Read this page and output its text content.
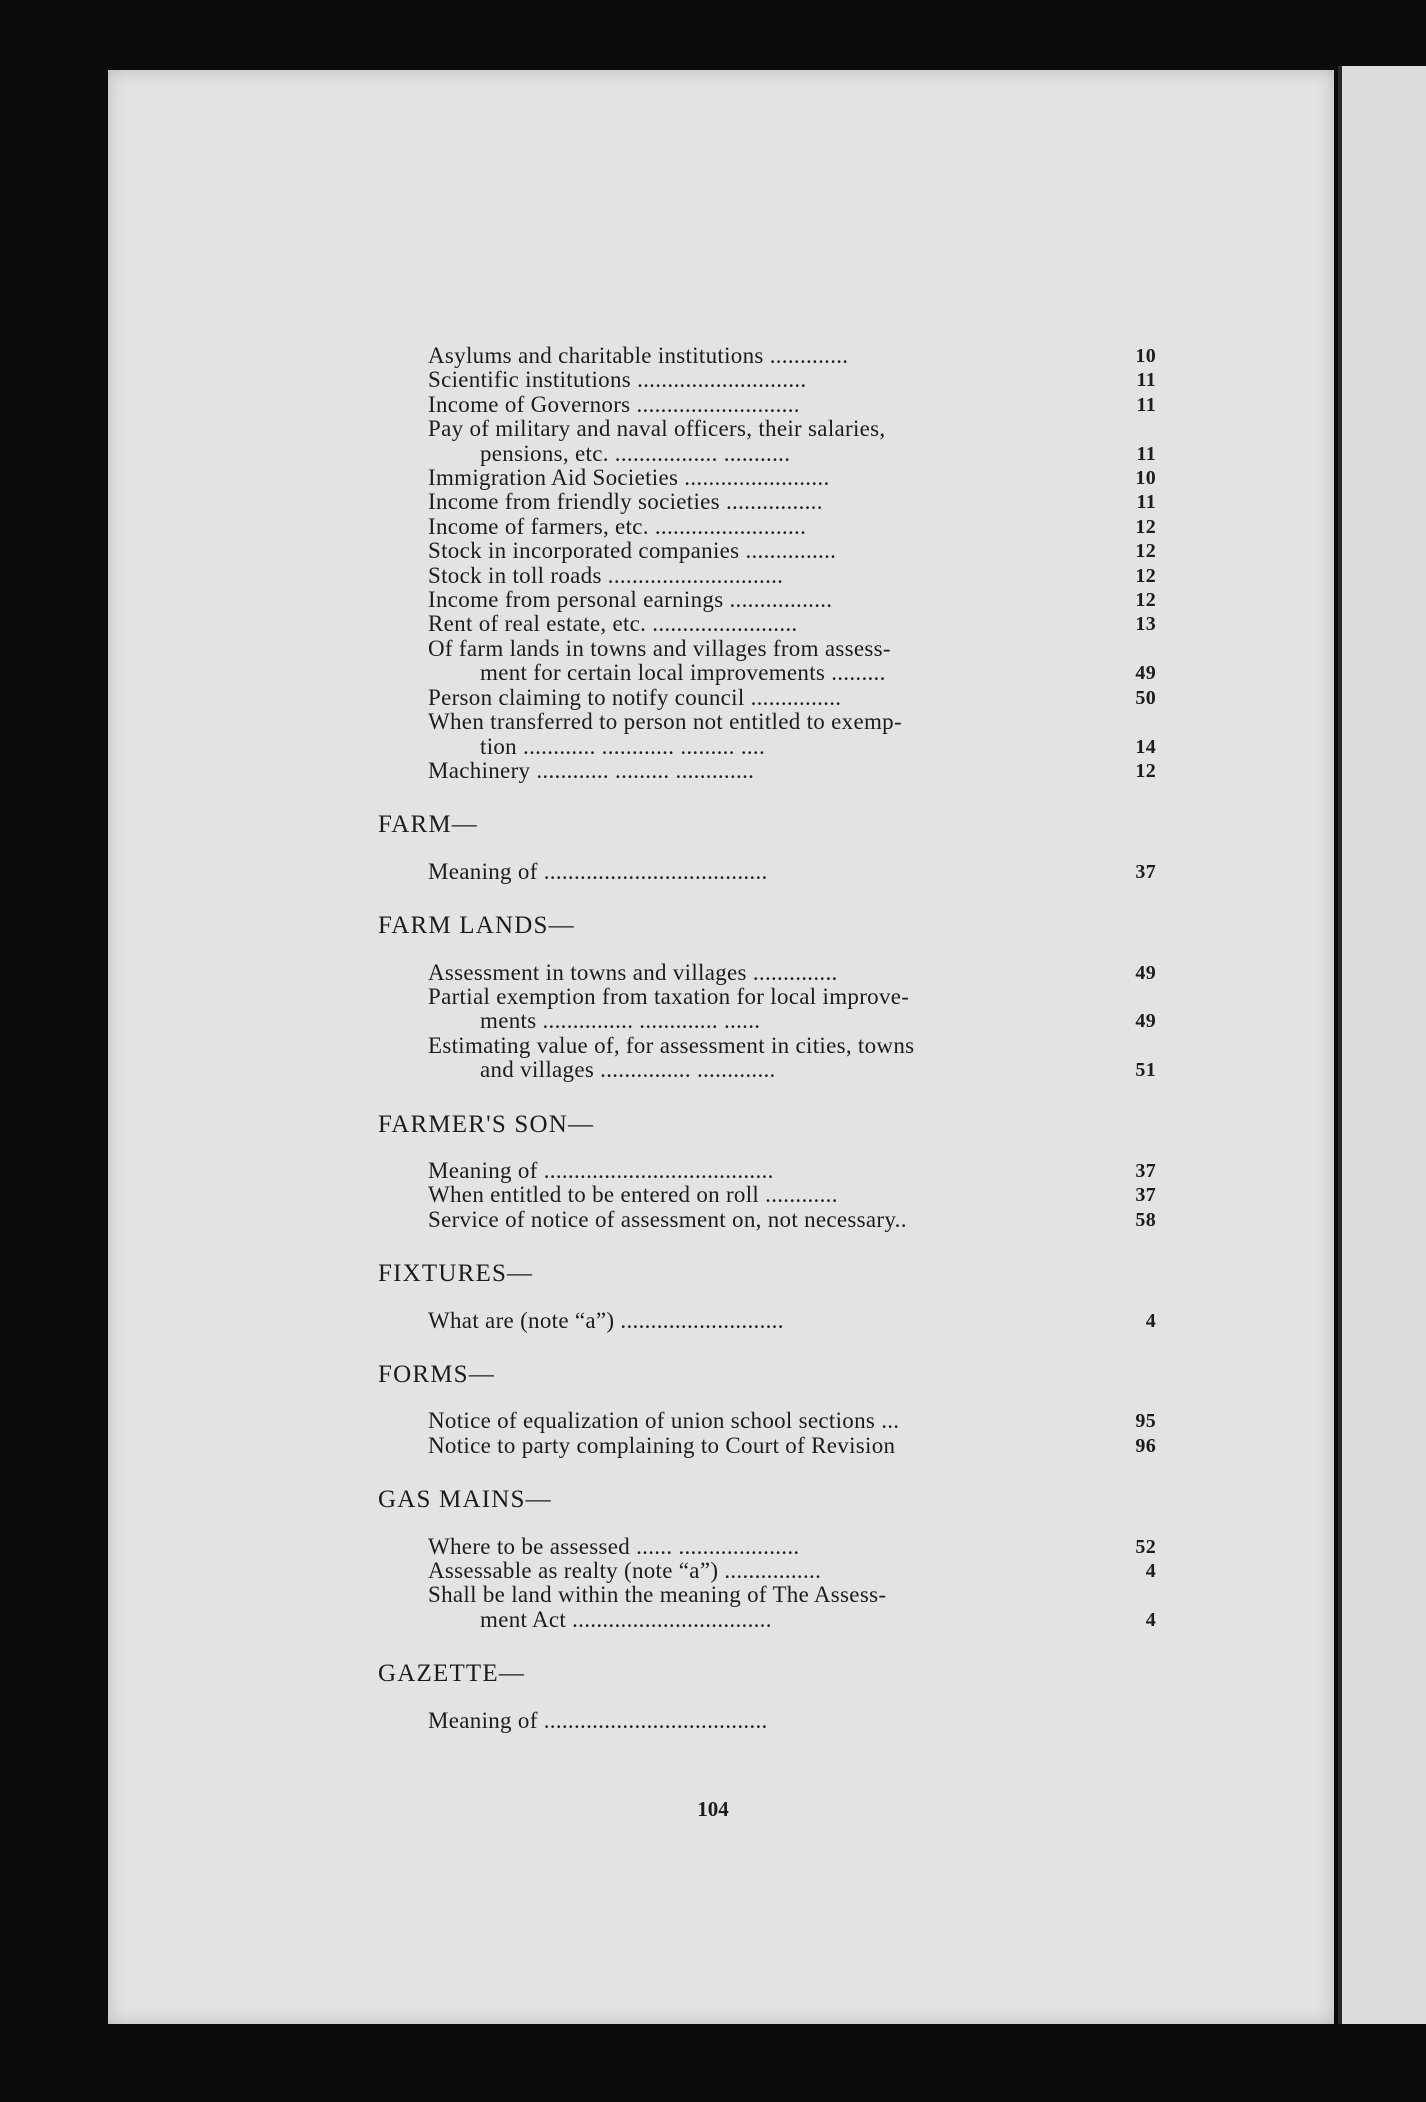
Asylums and charitable institutions .............	10
Scientific institutions ............................	11
Income of Governors ...........................	11
Pay of military and naval officers, their salaries,
pensions, etc. ................. ...........	11
Immigration Aid Societies ........................	10
Income from friendly societies ................	11
Income of farmers, etc. .........................	12
Stock in incorporated companies ...............	12
Stock in toll roads .............................	12
Income from personal earnings .................	12
Rent of real estate, etc. ........................	13
Of farm lands in towns and villages from assess-
ment for certain local improvements .........	49
Person claiming to notify council ...............	50
When transferred to person not entitled to exemp-
tion ............ ............ ......... ....	14
Machinery ............ ......... .............	12
FARM—
Meaning of .....................................	37
FARM LANDS—
Assessment in towns and villages ..............	49
Partial exemption from taxation for local improve-
ments ............... ............. ......	49
Estimating value of, for assessment in cities, towns
and villages ............... .............	51
FARMER'S SON—
Meaning of ......................................	37
When entitled to be entered on roll ............	37
Service of notice of assessment on, not necessary..	58
FIXTURES—
What are (note “a”) ...........................	4
FORMS—
Notice of equalization of union school sections ...	95
Notice to party complaining to Court of Revision	96
GAS MAINS—
Where to be assessed ...... ....................	52
Assessable as realty (note “a”) ................	4
Shall be land within the meaning of The Assess-
ment Act .................................	4
GAZETTE—
Meaning of .....................................
104
